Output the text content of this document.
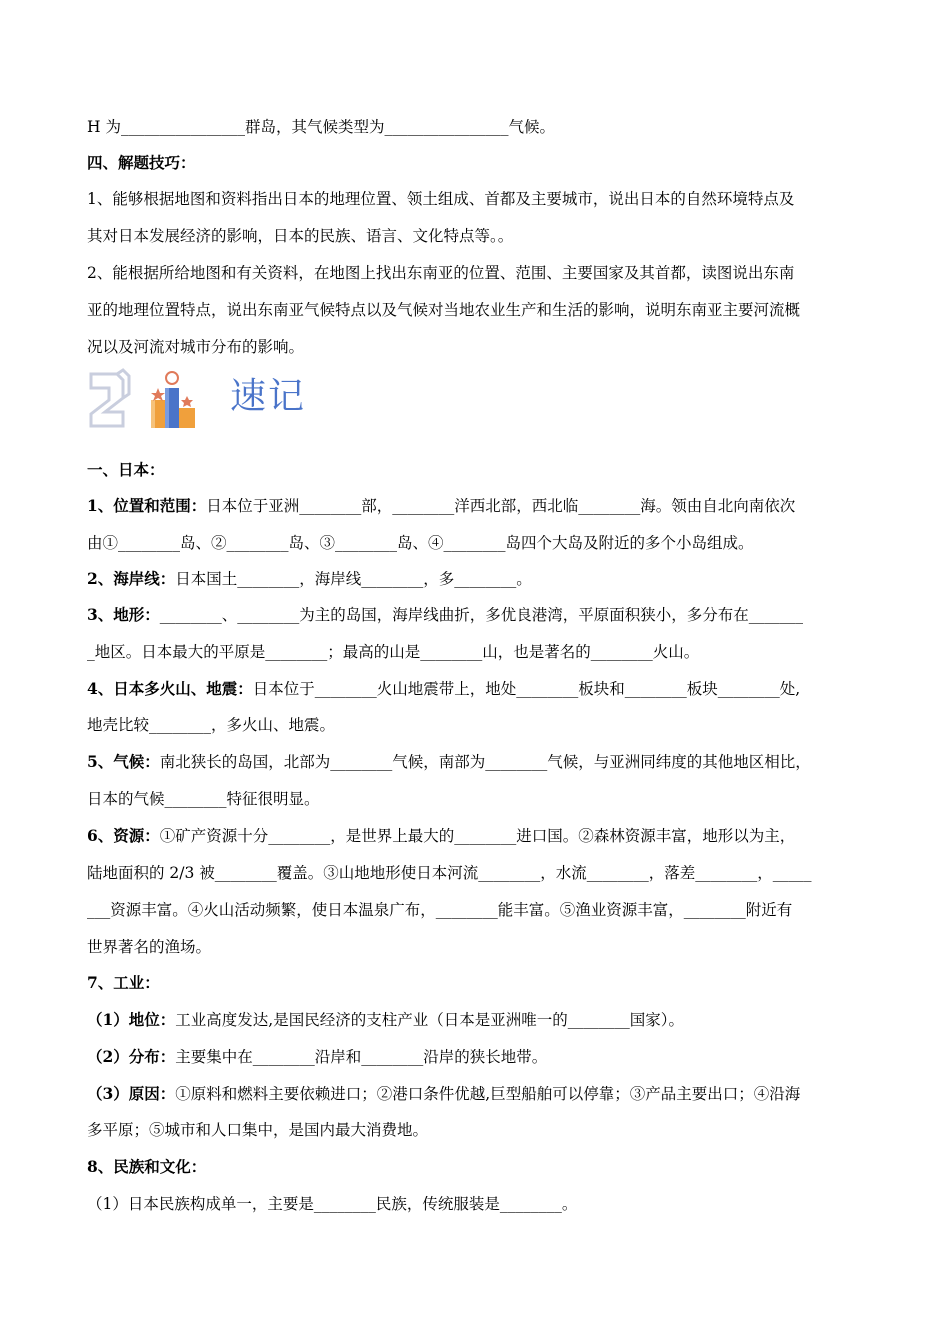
H 为________________群岛，其气候类型为________________气候。
四、解题技巧：
1、能够根据地图和资料指出日本的地理位置、领土组成、首都及主要城市，说出日本的自然环境特点及
其对日本发展经济的影响，日本的民族、语言、文化特点等。。
2、能根据所给地图和有关资料，在地图上找出东南亚的位置、范围、主要国家及其首都，读图说出东南
亚的地理位置特点，说出东南亚气候特点以及气候对当地农业生产和生活的影响，说明东南亚主要河流概
况以及河流对城市分布的影响。
速记
一、日本：
1、位置和范围：日本位于亚洲________部，________洋西北部，西北临________海。领由自北向南依次
由①________岛、②________岛、③________岛、④________岛四个大岛及附近的多个小岛组成。
2、海岸线：日本国土________，海岸线________，多________。
3、地形：________、________为主的岛国，海岸线曲折，多优良港湾，平原面积狭小，多分布在_______
_地区。日本最大的平原是________；最高的山是________山，也是著名的________火山。
4、日本多火山、地震：日本位于________火山地震带上，地处________板块和________板块________处,
地壳比较________，多火山、地震。
5、气候：南北狭长的岛国，北部为________气候，南部为________气候，与亚洲同纬度的其他地区相比，
日本的气候________特征很明显。
6、资源：①矿产资源十分________，是世界上最大的________进口国。②森林资源丰富，地形以为主，
陆地面积的 2/3 被________覆盖。③山地地形使日本河流________，水流________，落差________，_____
___资源丰富。④火山活动频繁，使日本温泉广布，________能丰富。⑤渔业资源丰富，________附近有
世界著名的渔场。
7、工业：
（1）地位：工业高度发达,是国民经济的支柱产业（日本是亚洲唯一的________国家）。
（2）分布：主要集中在________沿岸和________沿岸的狭长地带。
（3）原因：①原料和燃料主要依赖进口；②港口条件优越,巨型船舶可以停靠；③产品主要出口；④沿海
多平原；⑤城市和人口集中，是国内最大消费地。
8、民族和文化：
（1）日本民族构成单一，主要是________民族，传统服装是________。
